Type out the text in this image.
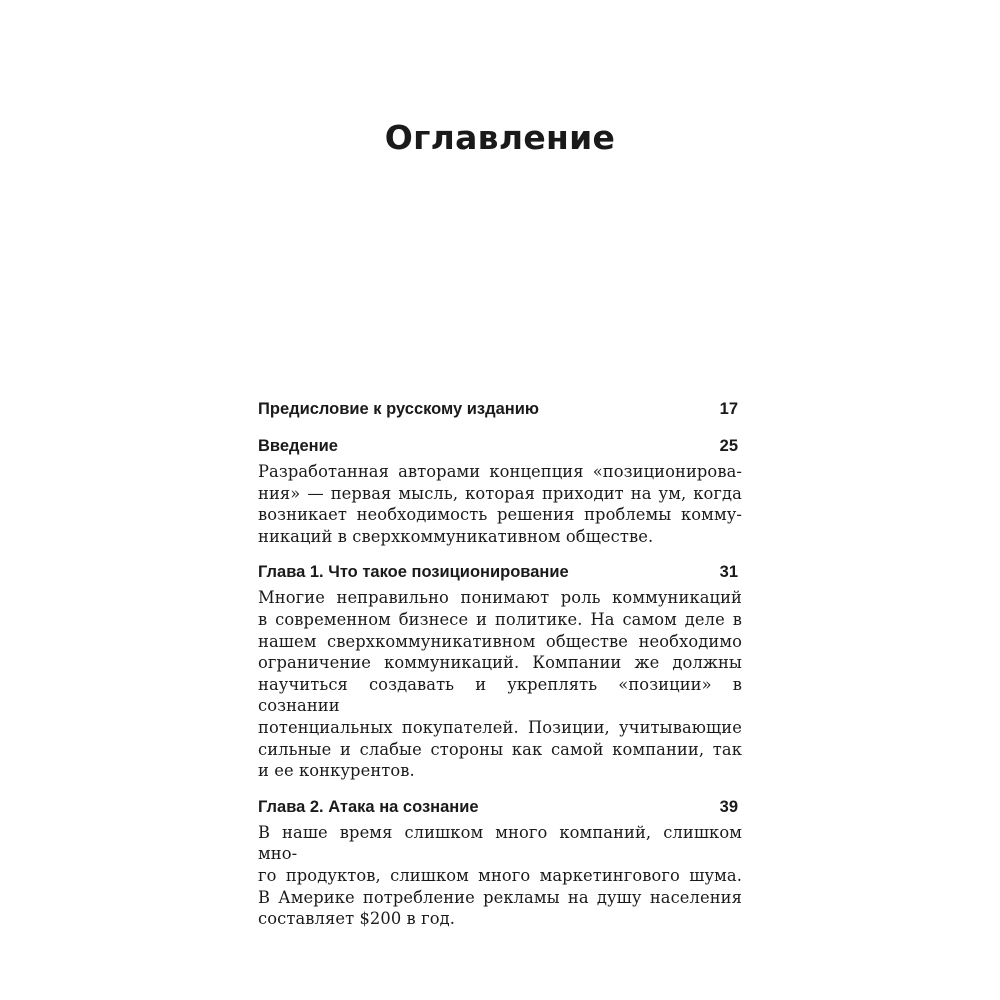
Оглавление
Предисловие к русскому изданию	17
Введение	25
Разработанная авторами концепция «позиционирова-
ния» — первая мысль, которая приходит на ум, когда
возникает необходимость решения проблемы комму-
никаций в сверхкоммуникативном обществе.
Глава 1. Что такое позиционирование	31
Многие неправильно понимают роль коммуникаций
в современном бизнесе и политике. На самом деле в
нашем сверхкоммуникативном обществе необходимо
ограничение коммуникаций. Компании же должны
научиться создавать и укреплять «позиции» в сознании
потенциальных покупателей. Позиции, учитывающие
сильные и слабые стороны как самой компании, так
и ее конкурентов.
Глава 2. Атака на сознание	39
В наше время слишком много компаний, слишком мно-
го продуктов, слишком много маркетингового шума.
В Америке потребление рекламы на душу населения
составляет $200 в год.
